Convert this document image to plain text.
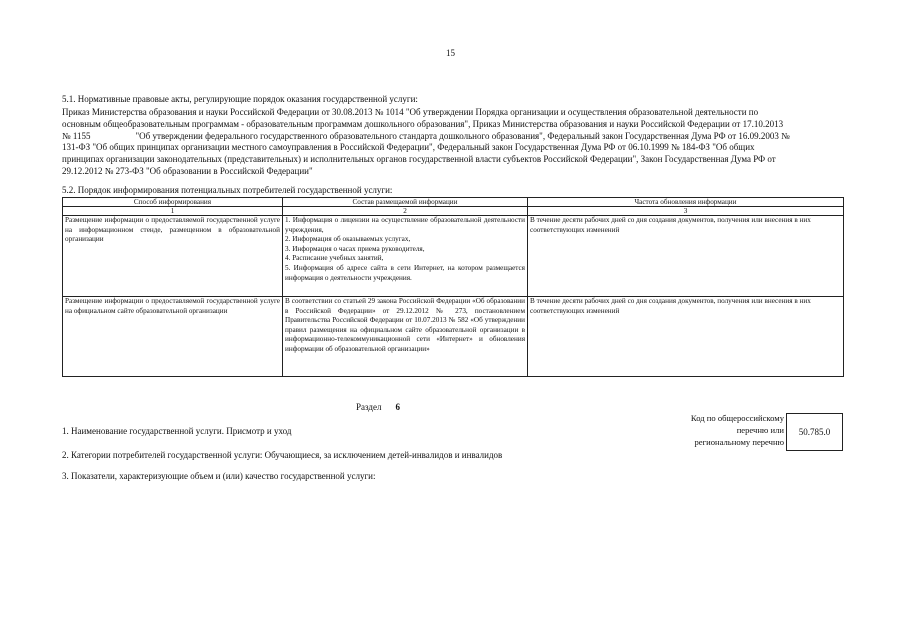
15
5.1. Нормативные правовые акты, регулирующие порядок оказания государственной услуги:
Приказ Министерства образования и науки Российской Федерации от 30.08.2013 № 1014 "Об утверждении Порядка организации и осуществления образовательной деятельности по
основным общеобразовательным программам - образовательным программам дошкольного образования", Приказ Министерства образования и науки Российской Федерации от 17.10.2013
№ 1155                    "Об утверждении федерального государственного образовательного стандарта дошкольного образования", Федеральный закон Государственная Дума РФ от 16.09.2003 №
131-ФЗ "Об общих принципах организации местного самоуправления в Российской Федерации", Федеральный закон Государственная Дума РФ от 06.10.1999 № 184-ФЗ "Об общих
принципах организации законодательных (представительных) и исполнительных органов государственной власти субъектов Российской Федерации", Закон Государственная Дума РФ от
29.12.2012 № 273-ФЗ "Об образовании в Российской Федерации"
5.2. Порядок информирования потенциальных потребителей государственной услуги:
Способ информирования	Состав размещаемой информации	Частота обновления информации
1	2	3
Размещение информации о предоставляемой государственной услуге на информационном стенде, размещенном в образовательной организации	1. Информация о лицензии на осуществление образовательной деятельности учреждения,
2. Информация об оказываемых услугах,
3. Информация о часах приема руководителя,
4. Расписание учебных занятий,
5. Информация об адресе сайта в сети Интернет, на котором размещается информация о деятельности учреждения.	В течение десяти рабочих дней со дня создания документов, получения или внесения в них соответствующих изменений
Размещение информации о предоставляемой государственной услуге на официальном сайте образовательной организации	В соответствии со статьей 29 закона Российской Федерации «Об образовании в Российской Федерации» от 29.12.2012 № 273, постановлением Правительства Российской Федерации от 10.07.2013 № 582 «Об утверждении правил размещения на официальном сайте образовательной организации в информационно-телекоммуникационной сети «Интернет» и обновления информации об образовательной организации»	В течение десяти рабочих дней со дня создания документов, получения или внесения в них соответствующих изменений
Раздел 6
Код по общероссийскому
перечню или
региональному перечню
50.785.0
1. Наименование государственной услуги. Присмотр и уход
2. Категории потребителей государственной услуги: Обучающиеся, за исключением детей-инвалидов и инвалидов
3. Показатели, характеризующие объем и (или) качество государственной услуги:
